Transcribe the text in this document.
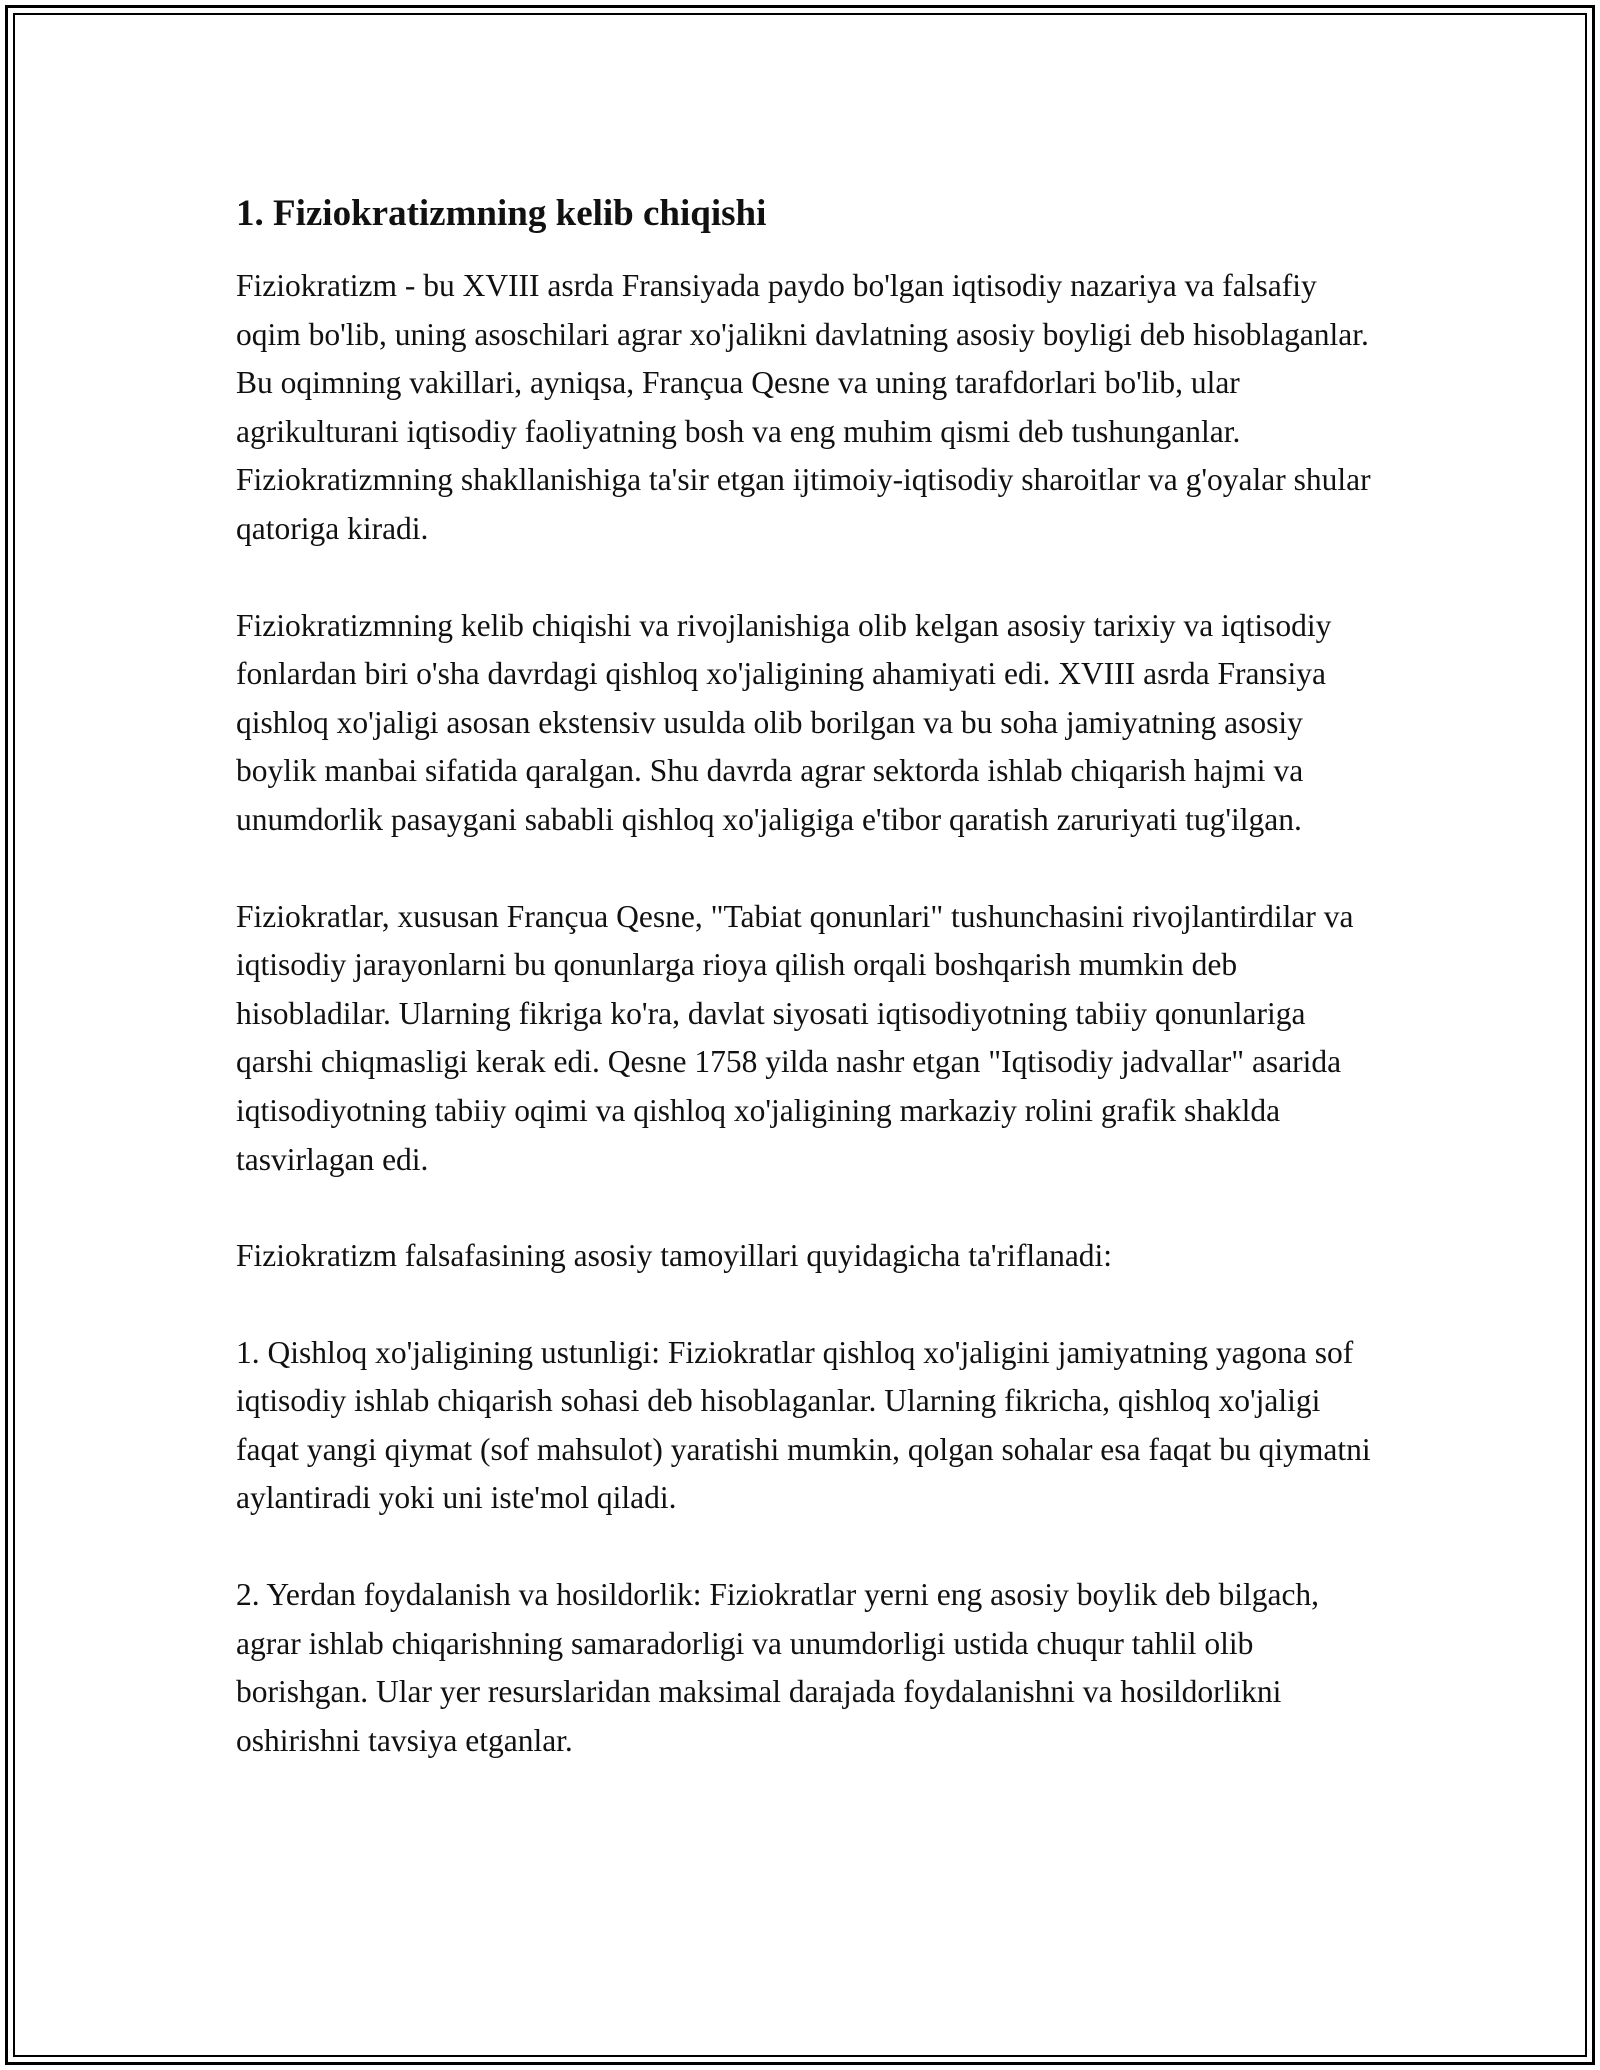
1. Fiziokratizmning kelib chiqishi

Fiziokratizm - bu XVIII asrda Fransiyada paydo bo'lgan iqtisodiy nazariya va falsafiy oqim bo'lib, uning asoschilari agrar xo'jalikni davlatning asosiy boyligi deb hisoblaganlar. Bu oqimning vakillari, ayniqsa, Françua Qesne va uning tarafdorlari bo'lib, ular agrikulturani iqtisodiy faoliyatning bosh va eng muhim qismi deb tushunganlar. Fiziokratizmning shakllanishiga ta'sir etgan ijtimoiy-iqtisodiy sharoitlar va g'oyalar shular qatoriga kiradi.

Fiziokratizmning kelib chiqishi va rivojlanishiga olib kelgan asosiy tarixiy va iqtisodiy fonlardan biri o'sha davrdagi qishloq xo'jaligining ahamiyati edi. XVIII asrda Fransiya qishloq xo'jaligi asosan ekstensiv usulda olib borilgan va bu soha jamiyatning asosiy boylik manbai sifatida qaralgan. Shu davrda agrar sektorda ishlab chiqarish hajmi va unumdorlik pasaygani sababli qishloq xo'jaligiga e'tibor qaratish zaruriyati tug'ilgan.

Fiziokratlar, xususan Françua Qesne, "Tabiat qonunlari" tushunchasini rivojlantirdilar va iqtisodiy jarayonlarni bu qonunlarga rioya qilish orqali boshqarish mumkin deb hisobladilar. Ularning fikriga ko'ra, davlat siyosati iqtisodiyotning tabiiy qonunlariga qarshi chiqmasligi kerak edi. Qesne 1758 yilda nashr etgan "Iqtisodiy jadvallar" asarida iqtisodiyotning tabiiy oqimi va qishloq xo'jaligining markaziy rolini grafik shaklda tasvirlagan edi.

Fiziokratizm falsafasining asosiy tamoyillari quyidagicha ta'riflanadi:

1. Qishloq xo'jaligining ustunligi: Fiziokratlar qishloq xo'jaligini jamiyatning yagona sof iqtisodiy ishlab chiqarish sohasi deb hisoblaganlar. Ularning fikricha, qishloq xo'jaligi faqat yangi qiymat (sof mahsulot) yaratishi mumkin, qolgan sohalar esa faqat bu qiymatni aylantiradi yoki uni iste'mol qiladi.

2. Yerdan foydalanish va hosildorlik: Fiziokratlar yerni eng asosiy boylik deb bilgach, agrar ishlab chiqarishning samaradorligi va unumdorligi ustida chuqur tahlil olib borishgan. Ular yer resurslaridan maksimal darajada foydalanishni va hosildorlikni oshirishni tavsiya etganlar.
